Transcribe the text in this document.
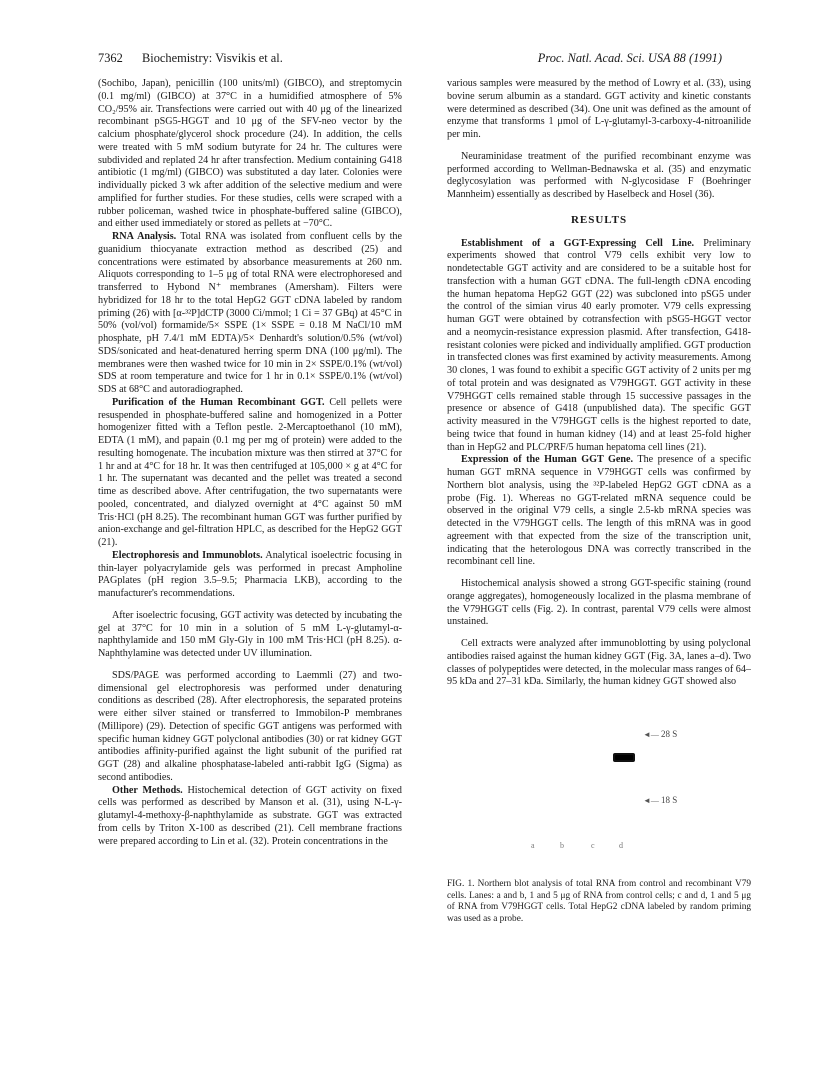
7362 Biochemistry: Visvikis et al.	Proc. Natl. Acad. Sci. USA 88 (1991)

(Sochibo, Japan), penicillin (100 units/ml) (GIBCO), and streptomycin (0.1 mg/ml) (GIBCO) at 37°C in a humidified atmosphere of 5% CO₂/95% air. Transfections were carried out with 40 μg of the linearized recombinant pSG5-HGGT and 10 μg of the SFV-neo vector by the calcium phosphate/glycerol shock procedure (24). In addition, the cells were treated with 5 mM sodium butyrate for 24 hr. The cultures were subdivided and replated 24 hr after transfection. Medium containing G418 antibiotic (1 mg/ml) (GIBCO) was substituted a day later. Colonies were individually picked 3 wk after addition of the selective medium and were amplified for further studies. For these studies, cells were scraped with a rubber policeman, washed twice in phosphate-buffered saline (GIBCO), and either used immediately or stored as pellets at −70°C.

RNA Analysis. Total RNA was isolated from confluent cells by the guanidium thiocyanate extraction method as described (25) and concentrations were estimated by absorbance measurements at 260 nm. Aliquots corresponding to 1–5 μg of total RNA were electrophoresed and transferred to Hybond N⁺ membranes (Amersham). Filters were hybridized for 18 hr to the total HepG2 GGT cDNA labeled by random priming (26) with [α-³²P]dCTP (3000 Ci/mmol; 1 Ci = 37 GBq) at 45°C in 50% (vol/vol) formamide/5× SSPE (1× SSPE = 0.18 M NaCl/10 mM phosphate, pH 7.4/1 mM EDTA)/5× Denhardt's solution/0.5% (wt/vol) SDS/sonicated and heat-denatured herring sperm DNA (100 μg/ml). The membranes were then washed twice for 10 min in 2× SSPE/0.1% (wt/vol) SDS at room temperature and twice for 1 hr in 0.1× SSPE/0.1% (wt/vol) SDS at 68°C and autoradiographed.

Purification of the Human Recombinant GGT. Cell pellets were resuspended in phosphate-buffered saline and homogenized in a Potter homogenizer fitted with a Teflon pestle. 2-Mercaptoethanol (10 mM), EDTA (1 mM), and papain (0.1 mg per mg of protein) were added to the resulting homogenate. The incubation mixture was then stirred at 37°C for 1 hr and at 4°C for 18 hr. It was then centrifuged at 105,000 × g at 4°C for 1 hr. The supernatant was decanted and the pellet was treated a second time as described above. After centrifugation, the two supernatants were pooled, concentrated, and dialyzed overnight at 4°C against 50 mM Tris·HCl (pH 8.25). The recombinant human GGT was further purified by anion-exchange and gel-filtration HPLC, as described for the HepG2 GGT (21).

Electrophoresis and Immunoblots. Analytical isoelectric focusing in thin-layer polyacrylamide gels was performed in precast Ampholine PAGplates (pH region 3.5–9.5; Pharmacia LKB), according to the manufacturer's recommendations.

After isoelectric focusing, GGT activity was detected by incubating the gel at 37°C for 10 min in a solution of 5 mM L-γ-glutamyl-α-naphthylamide and 150 mM Gly-Gly in 100 mM Tris·HCl (pH 8.25). α-Naphthylamine was detected under UV illumination.

SDS/PAGE was performed according to Laemmli (27) and two-dimensional gel electrophoresis was performed under denaturing conditions as described (28). After electrophoresis, the separated proteins were either silver stained or transferred to Immobilon-P membranes (Millipore) (29). Detection of specific GGT antigens was performed with specific human kidney GGT polyclonal antibodies (30) or rat kidney GGT antibodies affinity-purified against the light subunit of the purified rat GGT (28) and alkaline phosphatase-labeled anti-rabbit IgG (Sigma) as second antibodies.

Other Methods. Histochemical detection of GGT activity on fixed cells was performed as described by Manson et al. (31), using N-L-γ-glutamyl-4-methoxy-β-naphthylamide as substrate. GGT was extracted from cells by Triton X-100 as described (21). Cell membrane fractions were prepared according to Lin et al. (32). Protein concentrations in the

various samples were measured by the method of Lowry et al. (33), using bovine serum albumin as a standard. GGT activity and kinetic constants were determined as described (34). One unit was defined as the amount of enzyme that transforms 1 μmol of L-γ-glutamyl-3-carboxy-4-nitroanilide per min.

Neuraminidase treatment of the purified recombinant enzyme was performed according to Wellman-Bednawska et al. (35) and enzymatic deglycosylation was performed with N-glycosidase F (Boehringer Mannheim) essentially as described by Haselbeck and Hosel (36).

RESULTS

Establishment of a GGT-Expressing Cell Line. Preliminary experiments showed that control V79 cells exhibit very low to nondetectable GGT activity and are considered to be a suitable host for transfection with a human GGT cDNA. The full-length cDNA encoding the human hepatoma HepG2 GGT (22) was subcloned into pSG5 under the control of the simian virus 40 early promoter. V79 cells expressing human GGT were obtained by cotransfection with pSG5-HGGT vector and a neomycin-resistance expression plasmid. After transfection, G418-resistant colonies were picked and individually amplified. GGT production in transfected clones was first examined by activity measurements. Among 30 clones, 1 was found to exhibit a specific GGT activity of 2 units per mg of total protein and was designated as V79HGGT. GGT activity in these V79HGGT cells remained stable through 15 successive passages in the presence or absence of G418 (unpublished data). The specific GGT activity measured in the V79HGGT cells is the highest reported to date, being twice that found in human kidney (14) and at least 25-fold higher than in HepG2 and PLC/PRF/5 human hepatoma cell lines (21).

Expression of the Human GGT Gene. The presence of a specific human GGT mRNA sequence in V79HGGT cells was confirmed by Northern blot analysis, using the ³²P-labeled HepG2 GGT cDNA as a probe (Fig. 1). Whereas no GGT-related mRNA sequence could be observed in the original V79 cells, a single 2.5-kb mRNA species was detected in the V79HGGT cells. The length of this mRNA was in good agreement with that expected from the size of the transcription unit, indicating that the heterologous DNA was correctly transcribed in the recombinant cell line.

Histochemical analysis showed a strong GGT-specific staining (round orange aggregates), homogeneously localized in the plasma membrane of the V79HGGT cells (Fig. 2). In contrast, parental V79 cells were almost unstained.

Cell extracts were analyzed after immunoblotting by using polyclonal antibodies raised against the human kidney GGT (Fig. 3A, lanes a–d). Two classes of polypeptides were detected, in the molecular mass ranges of 64–95 kDa and 27–31 kDa. Similarly, the human kidney GGT showed also

◄— 28 S
◄— 18 S
a	b	c	d

FIG. 1. Northern blot analysis of total RNA from control and recombinant V79 cells. Lanes: a and b, 1 and 5 μg of RNA from control cells; c and d, 1 and 5 μg of RNA from V79HGGT cells. Total HepG2 cDNA labeled by random priming was used as a probe.
